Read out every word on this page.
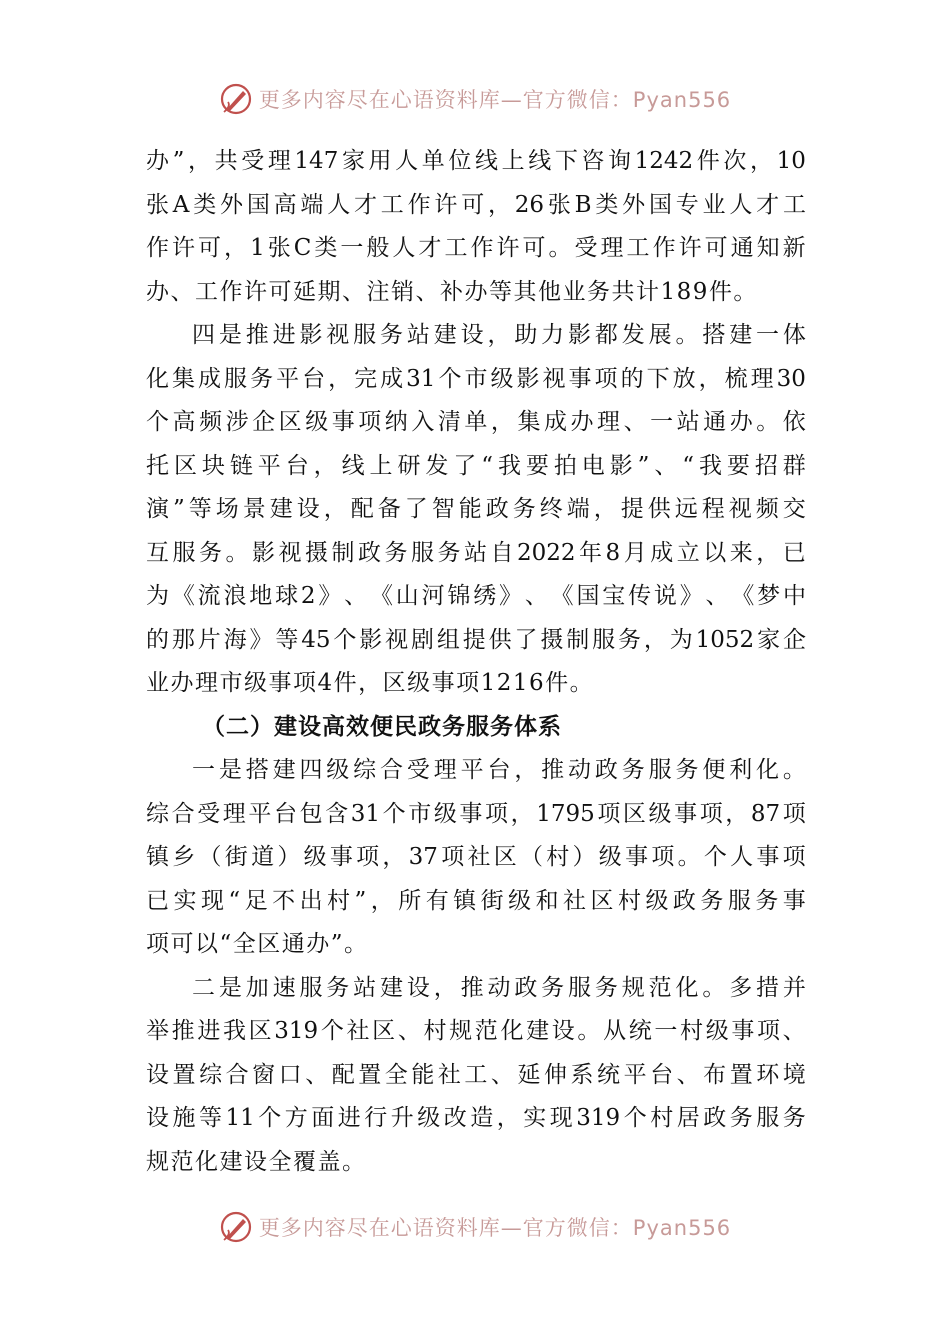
更多内容尽在心语资料库—官方微信：Pyan556
办 ” ， 共 受 理 147 家 用 人 单 位 线 上 线 下 咨 询 1242 件 次 ， 10
张 A 类 外 国 高 端 人 才 工 作 许 可 ， 26 张 B 类 外 国 专 业 人 才 工
作 许 可 ， 1 张 C 类 一 般 人 才 工 作 许 可 。 受 理 工 作 许 可 通 知 新
办、工作许可延期、注销、补办等其他业务共计189件。
四 是 推 进 影 视 服 务 站 建 设 ， 助 力 影 都 发 展 。 搭 建 一 体
化 集 成 服 务 平 台 ， 完 成 31 个 市 级 影 视 事 项 的 下 放 ， 梳 理 30
个 高 频 涉 企 区 级 事 项 纳 入 清 单 ， 集 成 办 理 、 一 站 通 办 。 依
托 区 块 链 平 台 ， 线 上 研 发 了 “ 我 要 拍 电 影 ” 、 “ 我 要 招 群
演 ” 等 场 景 建 设 ， 配 备 了 智 能 政 务 终 端 ， 提 供 远 程 视 频 交
互 服 务 。 影 视 摄 制 政 务 服 务 站 自 2022 年 8 月 成 立 以 来 ， 已
为 《 流 浪 地 球 2 》 、 《 山 河 锦 绣 》 、 《 国 宝 传 说 》 、 《 梦 中
的 那 片 海 》 等 45 个 影 视 剧 组 提 供 了 摄 制 服 务 ， 为 1052 家 企
业办理市级事项4件，区级事项1216件。
（二）建设高效便民政务服务体系
一 是 搭 建 四 级 综 合 受 理 平 台 ， 推 动 政 务 服 务 便 利 化 。
综 合 受 理 平 台 包 含 31 个 市 级 事 项 ， 1795 项 区 级 事 项 ， 87 项
镇 乡 （ 街 道 ） 级 事 项 ， 37 项 社 区 （ 村 ） 级 事 项 。 个 人 事 项
已 实 现 “ 足 不 出 村 ” ， 所 有 镇 街 级 和 社 区 村 级 政 务 服 务 事
项可以“全区通办”。
二 是 加 速 服 务 站 建 设 ， 推 动 政 务 服 务 规 范 化 。 多 措 并
举 推 进 我 区 319 个 社 区 、 村 规 范 化 建 设 。 从 统 一 村 级 事 项 、
设 置 综 合 窗 口 、 配 置 全 能 社 工 、 延 伸 系 统 平 台 、 布 置 环 境
设 施 等 11 个 方 面 进 行 升 级 改 造 ， 实 现 319 个 村 居 政 务 服 务
规范化建设全覆盖。
更多内容尽在心语资料库—官方微信：Pyan556
